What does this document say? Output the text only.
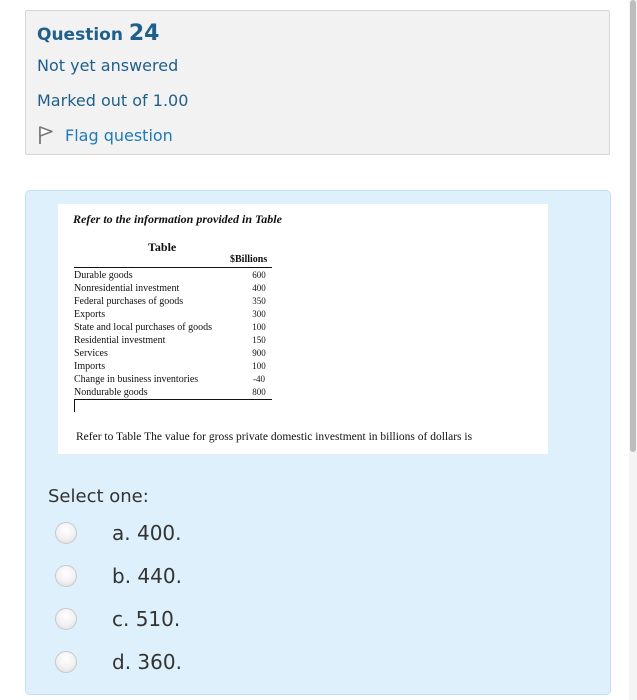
Question 24
Not yet answered
Marked out of 1.00
Flag question
Refer to the information provided in Table
Table
$Billions
Durable goods	600
Nonresidential investment	400
Federal purchases of goods	350
Exports	300
State and local purchases of goods	100
Residential investment	150
Services	900
Imports	100
Change in business inventories	-40
Nondurable goods	800
Refer to Table The value for gross private domestic investment in billions of dollars is
Select one:
a. 400.
b. 440.
c. 510.
d. 360.
